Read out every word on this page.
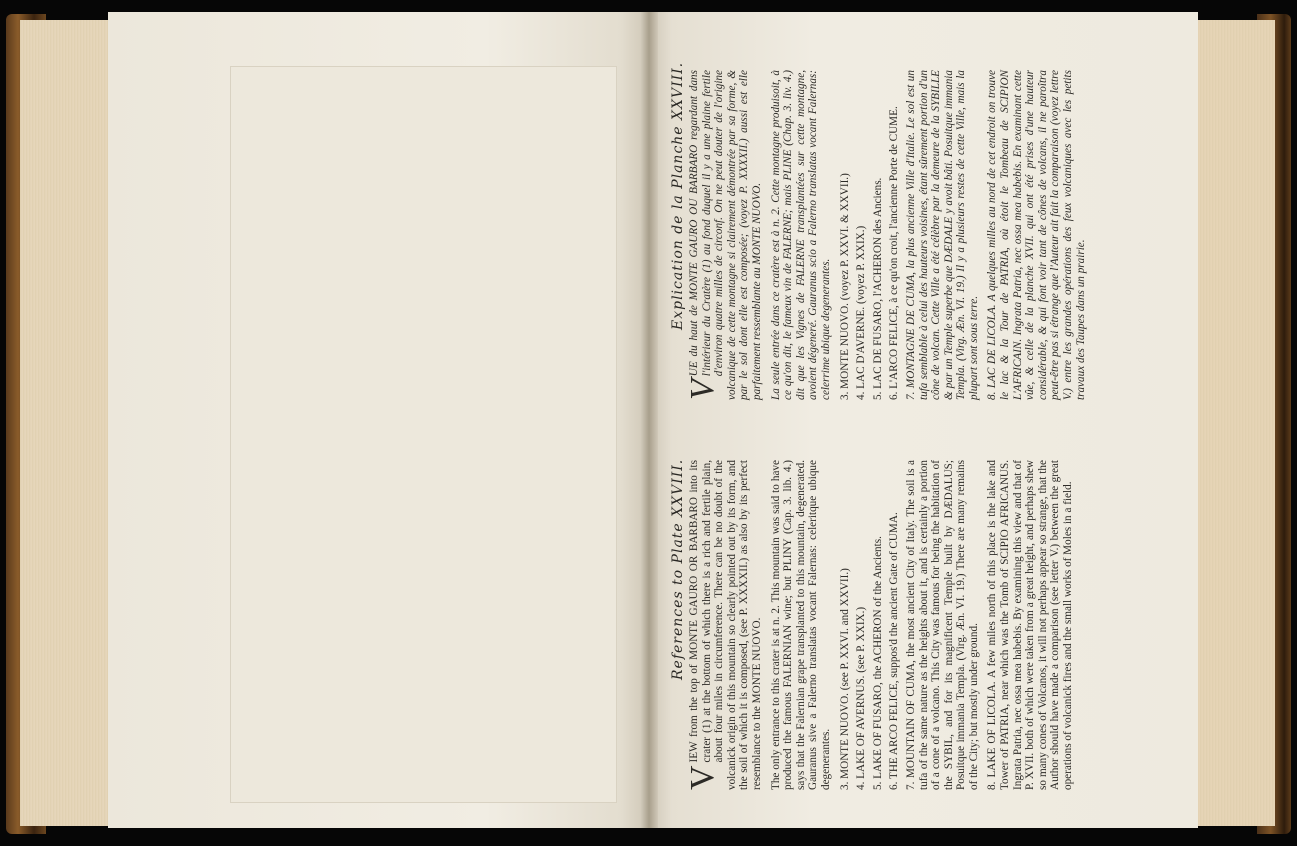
References to Plate XXVIII.

V
IEW from the top of MONTE GAURO OR BARBARO into its crater (1) at the bottom of which there is a rich and fertile plain, about four miles in circumference. There can be no doubt of the volcanick origin of this mountain so clearly pointed out by its form, and the soil of which it is composed, (see P. XXXXII.) as also by its perfect resemblance to the MONTE NUOVO. The only entrance to this crater is at n. 2. This mountain was said to have produced the famous FALERNIAN wine; but PLINY (Cap. 3. lib. 4.) says that the Falernian grape transplanted to this mountain, degenerated. Gauranus sive a Falerno translatas vocant Falernas: celeritque ubique degenerantes. 3. MONTE NUOVO. (see P. XXVI. and XXVII.) 4. LAKE OF AVERNUS. (see P. XXIX.) 5. LAKE OF FUSARO, the ACHERON of the Ancients. 6. THE ARCO FELICE, suppos'd the ancient Gate of CUMA. 7. MOUNTAIN OF CUMA, the most ancient City of Italy. The soil is a tufa of the same nature as the heights about it, and is certainly a portion of a cone of a volcano. This City was famous for being the habitation of the SYBIL, and for its magnificent Temple built by DÆDALUS; Posuitque immania Templa. (Virg. Æn. VI. 19.) There are many remains of the City; but mostly under ground. 8. LAKE OF LICOLA. A few miles north of this place is the lake and Tower of PATRIA, near which was the Tomb of SCIPIO AFRICANUS. Ingrata Patria, nec ossa mea habebis. By examining this view and that of P. XVII. both of which were taken from a great height, and perhaps shew so many cones of Volcanos, it will not perhaps appear so strange, that the Author should have made a comparison (see letter V.) between the great operations of volcanick fires and the small works of Moles in a field.

Explication de la Planche XXVIII.

V
UE du haut de MONTE GAURO OU BARBARO regardant dans l'intérieur du Cratère (1) au fond duquel il y a une plaine fertile d'environ quatre milles de circonf. On ne peut douter de l'origine volcanique de cette montagne si clairement démontrée par sa forme, & par le sol dont elle est composée; (voyez P. XXXXII.) aussi est elle parfaitement ressemblante au MONTE NUOVO. La seule entrée dans ce cratère est à n. 2. Cette montagne produisoit, à ce qu'on dit, le fameux vin de FALERNE; mais PLINE (Chap. 3. liv. 4.) dit que les Vignes de FALERNE transplantées sur cette montagne, avoient dégeneré. Gauranus scio a Falerno translatas vocant Falernas: celerrime ubique degenerantes. 3. MONTE NUOVO. (voyez P. XXVI. & XXVII.) 4. LAC D'AVERNE. (voyez P. XXIX.) 5. LAC DE FUSARO, l'ACHERON des Anciens. 6. L'ARCO FELICE, à ce qu'on croit, l'ancienne Porte de CUME. 7. MONTAGNE DE CUMA, la plus ancienne Ville d'Italie. Le sol est un tufa semblable à celui des hauteurs voisines, étant sûrement portion d'un cône de volcan. Cette Ville a été célèbre par la demeure de la SYBILLE & par un Temple superbe que DÆDALE y avoit bâti. Posuitque immania Templa. (Virg. Æn. VI. 19.) Il y a plusieurs restes de cette Ville, mais la plupart sont sous terre. 8. LAC DE LICOLA. A quelques milles au nord de cet endroit on trouve le lac & la Tour de PATRIA, où étoit le Tombeau de SCIPION L'AFRICAIN. Ingrata Patria, nec ossa mea habebis. En examinant cette vûe, & celle de la planche XVII. qui ont été prises d'une hauteur considérable, & qui font voir tant de cônes de volcans, il ne paroîtra peut-être pas si étrange que l'Auteur ait fait la comparaison (voyez lettre V.) entre les grandes opérations des feux volcaniques avec les petits travaux des Taupes dans un prairie.
